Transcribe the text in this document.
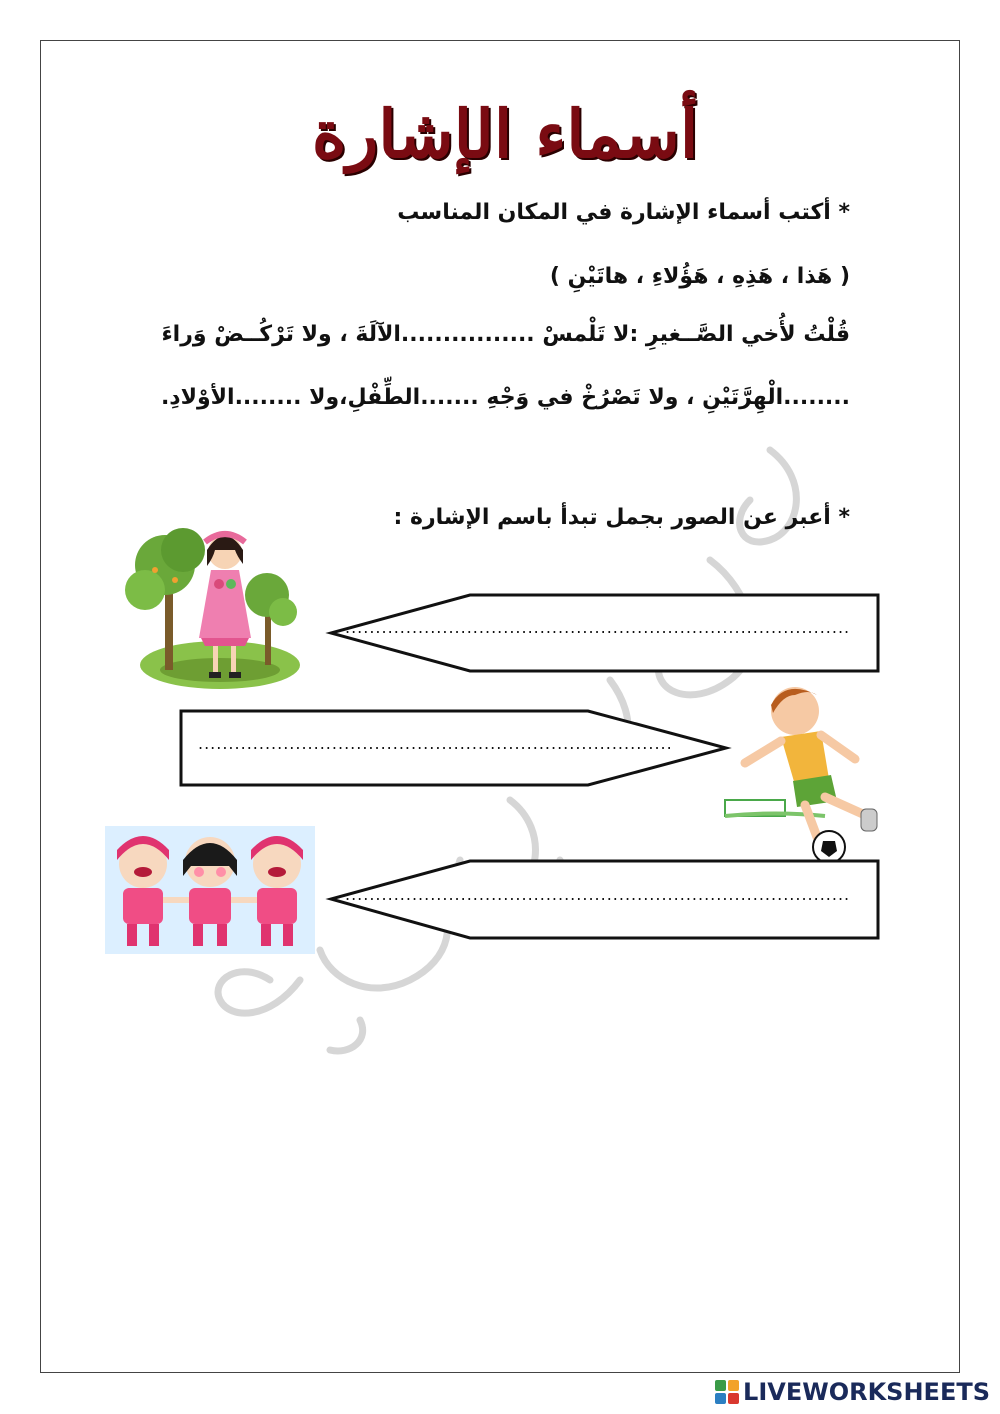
أسماء الإشارة
* أكتب أسماء الإشارة في المكان المناسب
( هَذا ، هَذِهِ ، هَؤُلاءِ ، هاتَيْنِ )
قُلْتُ لأُخي الصَّــغيرِ :لا تَلْمسْ ................الآلَةَ ، ولا تَرْكُــضْ وَراءَ
........الْهِرَّتَيْنِ ، ولا تَصْرُخْ في وَجْهِ .......الطِّفْلِ،ولا ........الأوْلادِ.
* أعبر عن الصور بجمل تبدأ باسم الإشارة :
...................................................................................
..............................................................................
...................................................................................
LIVEWORKSHEETS
